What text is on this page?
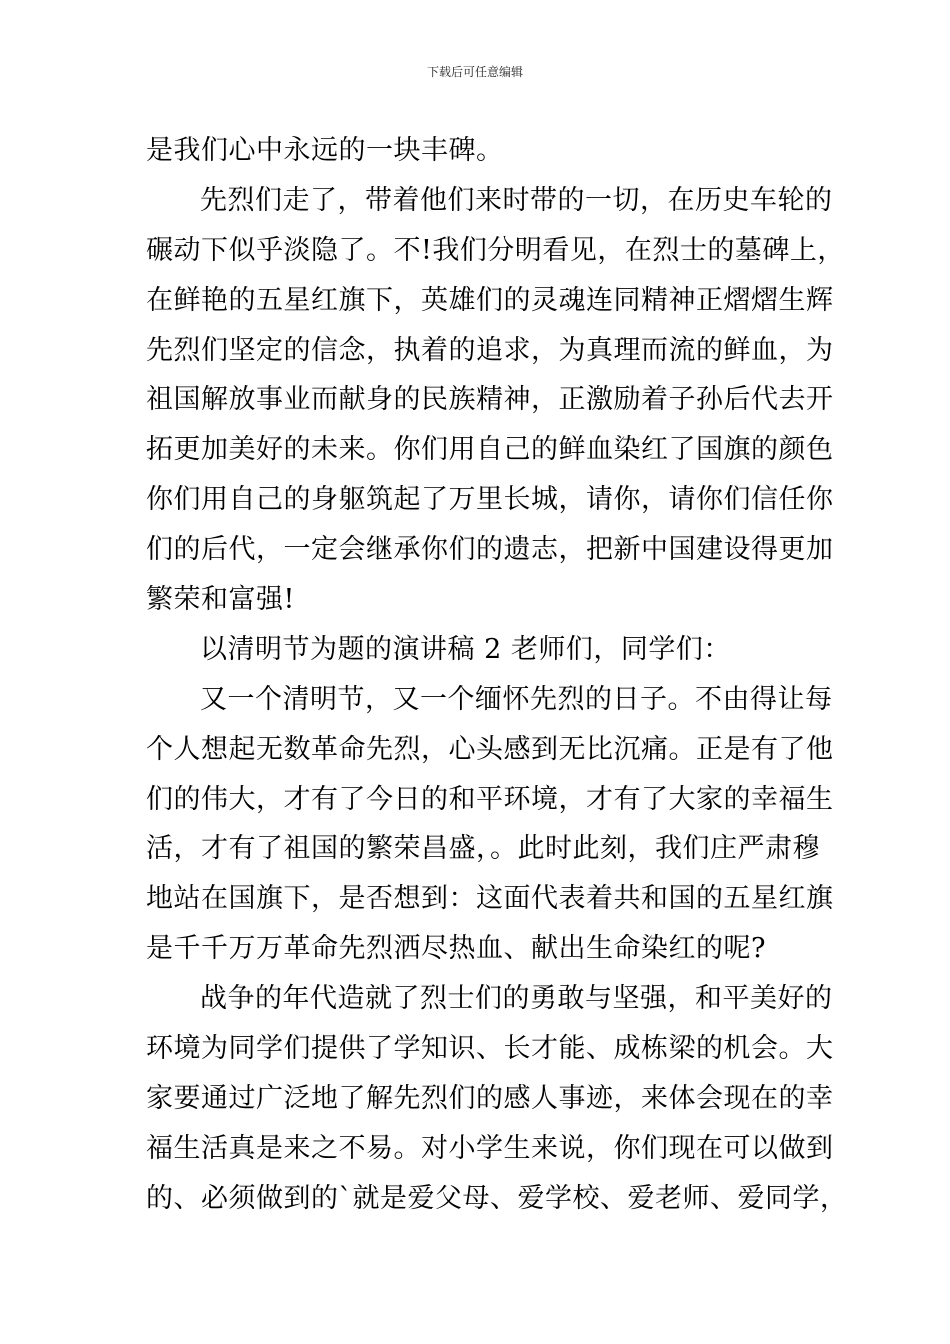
下载后可任意编辑
是我们心中永远的一块丰碑。
先烈们走了，带着他们来时带的一切，在历史车轮的
碾动下似乎淡隐了。不!我们分明看见，在烈士的墓碑上，
在鲜艳的五星红旗下，英雄们的灵魂连同精神正熠熠生辉
先烈们坚定的信念，执着的追求，为真理而流的鲜血，为
祖国解放事业而献身的民族精神，正激励着子孙后代去开
拓更加美好的未来。你们用自己的鲜血染红了国旗的颜色
你们用自己的身躯筑起了万里长城，请你，请你们信任你
们的后代，一定会继承你们的遗志，把新中国建设得更加
繁荣和富强!
以清明节为题的演讲稿 2 老师们，同学们：
又一个清明节，又一个缅怀先烈的日子。不由得让每
个人想起无数革命先烈，心头感到无比沉痛。正是有了他
们的伟大，才有了今日的和平环境，才有了大家的幸福生
活，才有了祖国的繁荣昌盛，。此时此刻，我们庄严肃穆
地站在国旗下，是否想到：这面代表着共和国的五星红旗
是千千万万革命先烈洒尽热血、献出生命染红的呢?
战争的年代造就了烈士们的勇敢与坚强，和平美好的
环境为同学们提供了学知识、长才能、成栋梁的机会。大
家要通过广泛地了解先烈们的感人事迹，来体会现在的幸
福生活真是来之不易。对小学生来说，你们现在可以做到
的、必须做到的`就是爱父母、爱学校、爱老师、爱同学，
